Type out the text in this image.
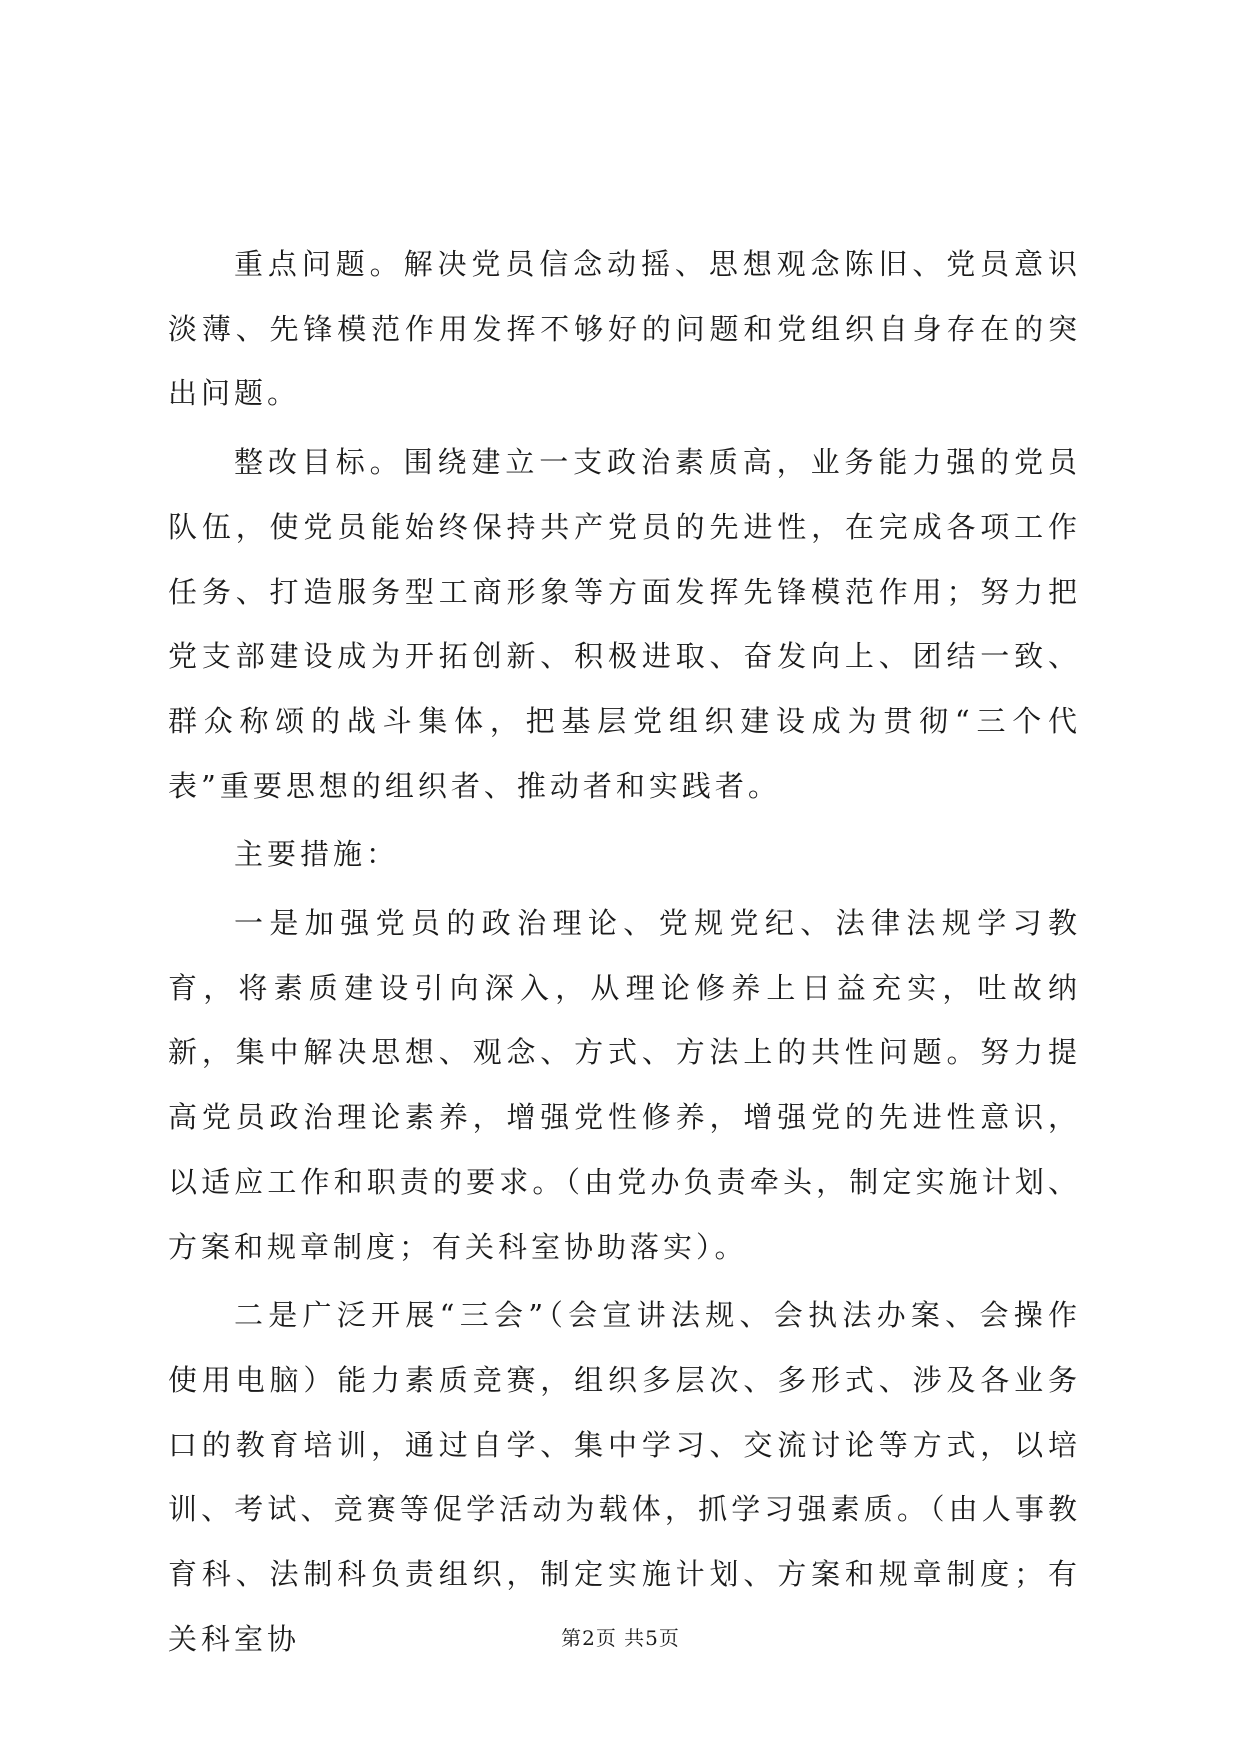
重点问题。解决党员信念动摇、思想观念陈旧、党员意识淡薄、先锋模范作用发挥不够好的问题和党组织自身存在的突出问题。

整改目标。围绕建立一支政治素质高，业务能力强的党员队伍，使党员能始终保持共产党员的先进性，在完成各项工作任务、打造服务型工商形象等方面发挥先锋模范作用；努力把党支部建设成为开拓创新、积极进取、奋发向上、团结一致、群众称颂的战斗集体，把基层党组织建设成为贯彻“三个代表”重要思想的组织者、推动者和实践者。

主要措施：

一是加强党员的政治理论、党规党纪、法律法规学习教育，将素质建设引向深入，从理论修养上日益充实，吐故纳新，集中解决思想、观念、方式、方法上的共性问题。努力提高党员政治理论素养，增强党性修养，增强党的先进性意识，以适应工作和职责的要求。（由党办负责牵头，制定实施计划、方案和规章制度；有关科室协助落实）。

二是广泛开展“三会”（会宣讲法规、会执法办案、会操作使用电脑）能力素质竞赛，组织多层次、多形式、涉及各业务口的教育培训，通过自学、集中学习、交流讨论等方式，以培训、考试、竞赛等促学活动为载体，抓学习强素质。（由人事教育科、法制科负责组织，制定实施计划、方案和规章制度；有关科室协	第2页 共5页
